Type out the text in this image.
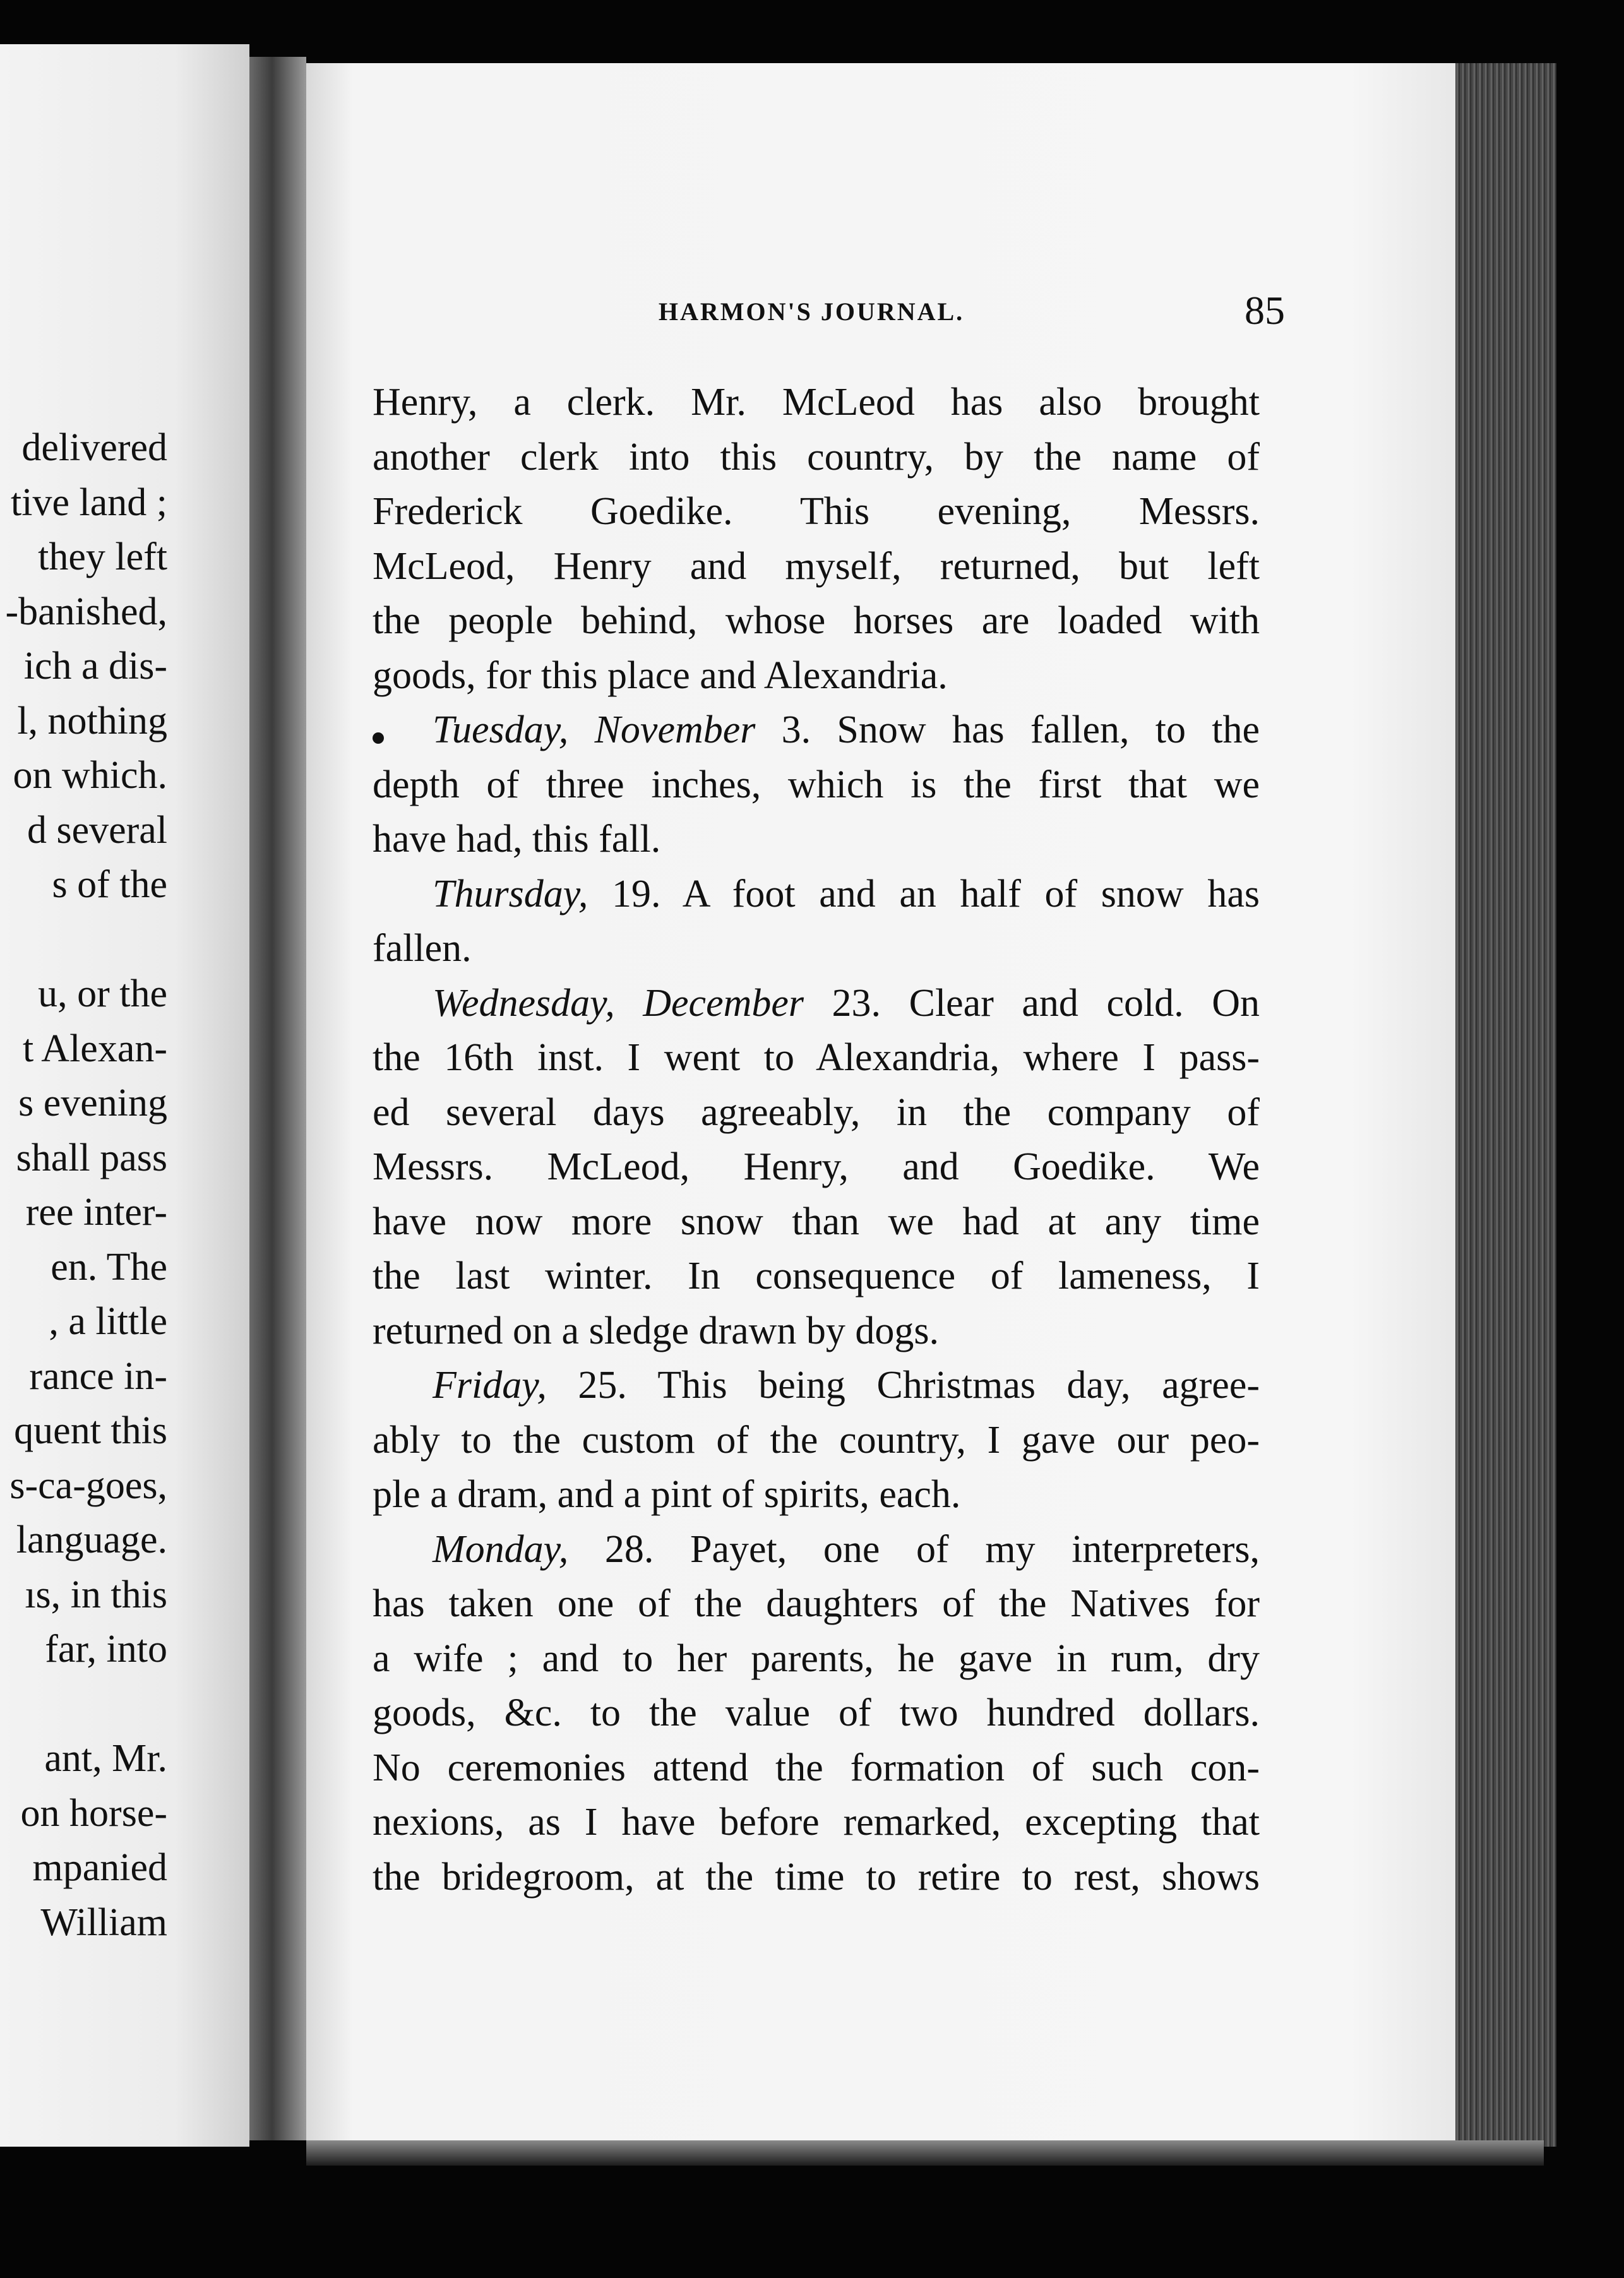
delivered
tive land ;
they left
-banished,
ich a dis-
l, nothing
on which.
d several
s of the
u, or the
t Alexan-
s evening
shall pass
ree inter-
en. The
, a little
rance in-
quent this
s-ca-goes,
language.
ıs, in this
far, into
ant, Mr.
on horse-
mpanied
William
HARMON'S JOURNAL.	85
Henry, a clerk. Mr. McLeod has also brought
another clerk into this country, by the name of
Frederick Goedike. This evening, Messrs.
McLeod, Henry and myself, returned, but left
the people behind, whose horses are loaded with
goods, for this place and Alexandria.
Tuesday, November 3. Snow has fallen, to the
depth of three inches, which is the first that we
have had, this fall.
Thursday, 19. A foot and an half of snow has
fallen.
Wednesday, December 23. Clear and cold. On
the 16th inst. I went to Alexandria, where I pass-
ed several days agreeably, in the company of
Messrs. McLeod, Henry, and Goedike. We
have now more snow than we had at any time
the last winter. In consequence of lameness, I
returned on a sledge drawn by dogs.
Friday, 25. This being Christmas day, agree-
ably to the custom of the country, I gave our peo-
ple a dram, and a pint of spirits, each.
Monday, 28. Payet, one of my interpreters,
has taken one of the daughters of the Natives for
a wife ; and to her parents, he gave in rum, dry
goods, &c. to the value of two hundred dollars.
No ceremonies attend the formation of such con-
nexions, as I have before remarked, excepting that
the bridegroom, at the time to retire to rest, shows
